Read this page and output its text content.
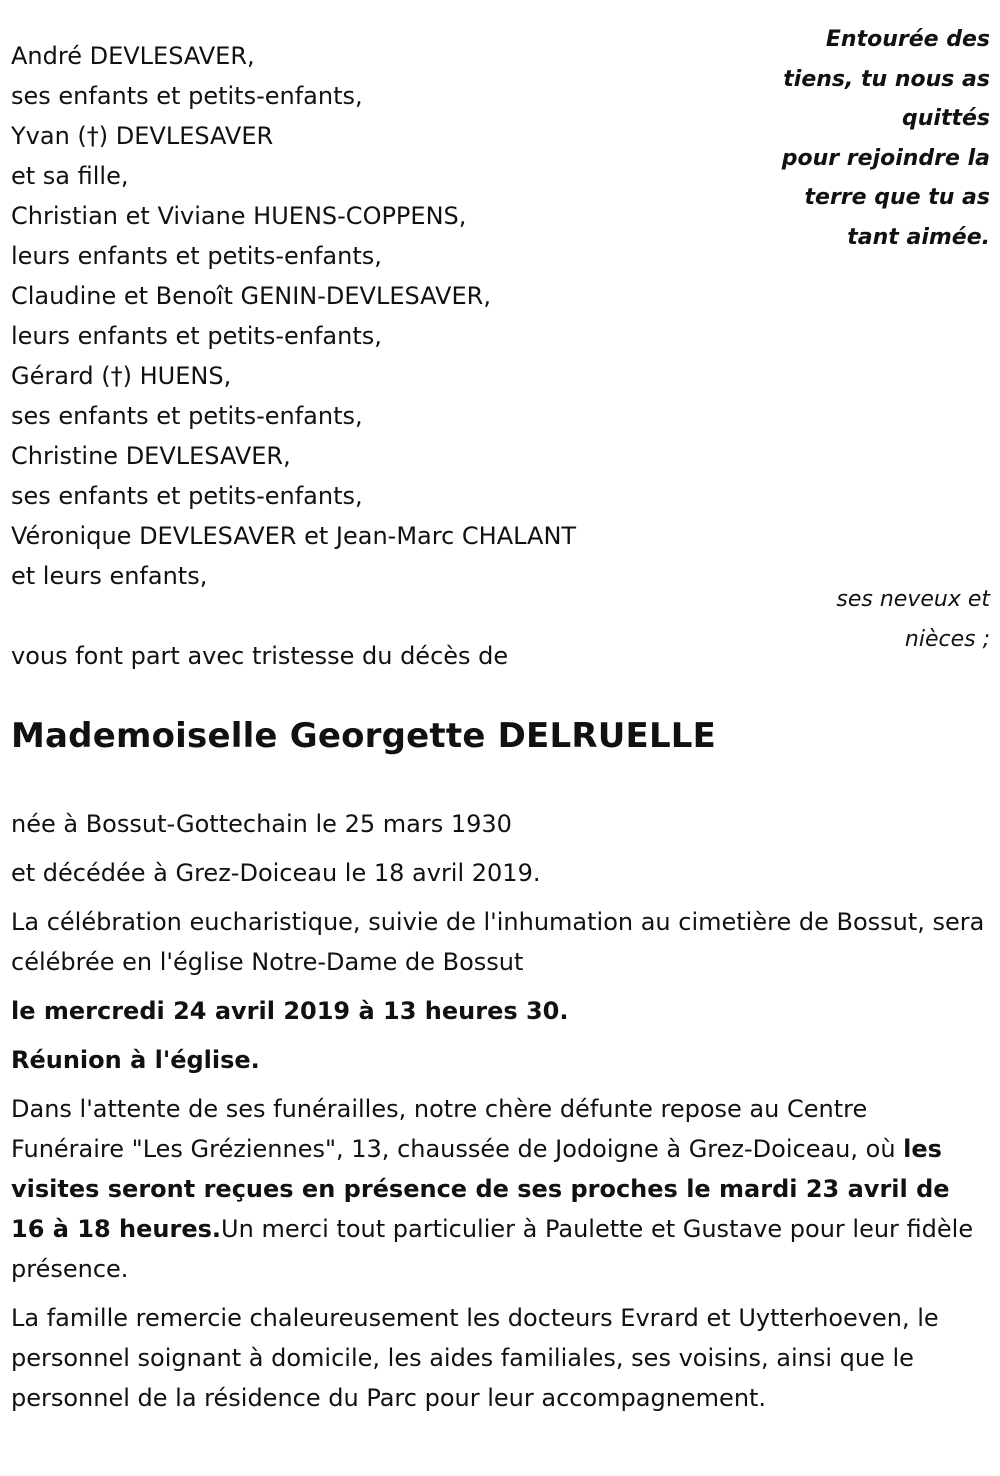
André DEVLESAVER,
ses enfants et petits-enfants,
Yvan (†) DEVLESAVER
et sa fille,
Christian et Viviane HUENS-COPPENS,
leurs enfants et petits-enfants,
Claudine et Benoît GENIN-DEVLESAVER,
leurs enfants et petits-enfants,
Gérard (†) HUENS,
ses enfants et petits-enfants,
Christine DEVLESAVER,
ses enfants et petits-enfants,
Véronique DEVLESAVER et Jean-Marc CHALANT
et leurs enfants,
Entourée des
tiens, tu nous as
quittés
pour rejoindre la
terre que tu as
tant aimée.
ses neveux et
nièces ;
vous font part avec tristesse du décès de
Mademoiselle Georgette DELRUELLE

née à Bossut-Gottechain le 25 mars 1930

et décédée à Grez-Doiceau le 18 avril 2019.

La célébration eucharistique, suivie de l'inhumation au cimetière de Bossut, sera célébrée en l'église Notre-Dame de Bossut

le mercredi 24 avril 2019 à 13 heures 30.

Réunion à l'église.

Dans l'attente de ses funérailles, notre chère défunte repose au Centre Funéraire "Les Gréziennes", 13, chaussée de Jodoigne à Grez-Doiceau, où les visites seront reçues en présence de ses proches le mardi 23 avril de 16 à 18 heures.Un merci tout particulier à Paulette et Gustave pour leur fidèle présence.

La famille remercie chaleureusement les docteurs Evrard et Uytterhoeven, le personnel soignant à domicile, les aides familiales, ses voisins, ainsi que le personnel de la résidence du Parc pour leur accompagnement.
